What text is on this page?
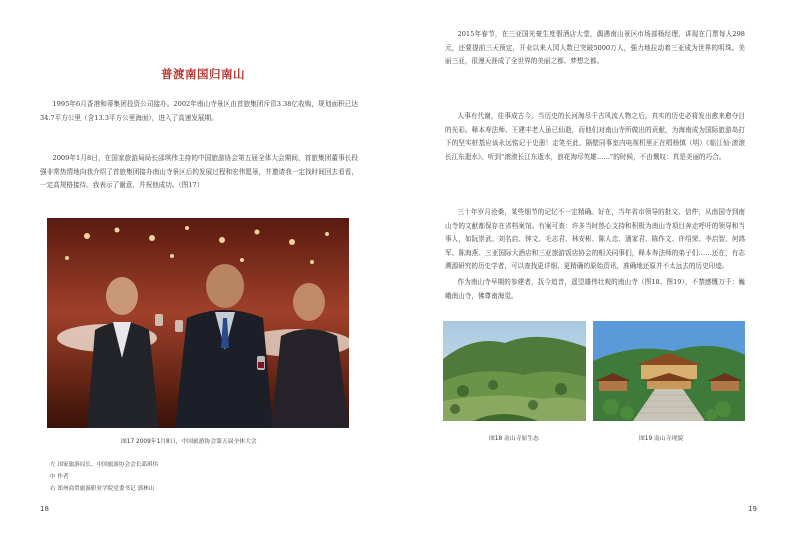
普渡南国归南山

1995年6月香港和蒂集团投资公司接办。2002年南山寺景区由首旅集团斥资3.38亿收购，规划面积已达34.7平方公里（含13.3平方公里海面），进入了高速发展期。

2009年1月8日，在国家旅游局局长邵琪伟主持的中国旅游协会第五届全体大会期间，首旅集团董事长段强非常热情地向我介绍了首旅集团接办南山寺景区后的发展过程和宏伟愿景，并邀请我一定找时间回去看看，一定高规格接待。我表示了谢意，并祝他成功。（图17）

图17 2009年1月8日，中国旅游协会第五届全体大会
左 国家旅游局长、中国旅游协会会长邵琪伟
中 作者
右 郑州商贸旅游职业学院党委书记 郭林山
18

2015年春节，在三亚国光豪生度假酒店大堂，偶遇南山景区市场部杨经理，讲现在门票每人298元，还要提前三天预定，开业以来人园人数已突破5000万人，强力地拉动着三亚成为世界的明珠。美丽三亚，很漫天涯成了全世界的美丽之都、梦想之都。

人事有代谢，往事成古今。当历史的长河淘尽千古风流人物之后，真实的历史必将发出愈来愈夺目的光彩。释本寿法师、王建丰老人虽已仙逝，而他们对南山寺所做出的贡献，为海南成为国际旅游岛打下的坚实桩基应该永远铭记于史册！走笔至此，隔壁同事室内电视机里正在唱杨慎（明）《临江仙·滚滚长江东逝水》。听到“滚滚长江东逝水，浪花淘尽英雄……”的时候，不由慨叹：真是美丽的巧合。

三十年岁月沧桑，某些细节的记忆不一定精确。好在，当年省市领导的批文、信件，从南国寺到南山寺的文献都保存在省档案馆。有案可查：许多当时热心支持和积极为南山寺项目奔走呼吁的领导和当事人，如阮崇武、刘名启、钟文、毛志君、林安彬、陈人忠、潘家君、陈作文、许绍荣、李启智、何鸿军、陈海燕、三亚国际大酒店和三亚旅游饭店协会的相关同事们，释本寿法师的弟子们……还在，有志溯源研究的历史学者，可以查找更详细、更精确的原始资讯，准确地还原并不太远去的历史印迹。

作为南山寺早期的参建者，抚今追昔，遥望雄伟壮观的南山寺（图18、图19），不禁感慨万千：巍峨南山寺，佛尊南海觉。

图18 南山寺原生态	图19 南山寺现貌
19
